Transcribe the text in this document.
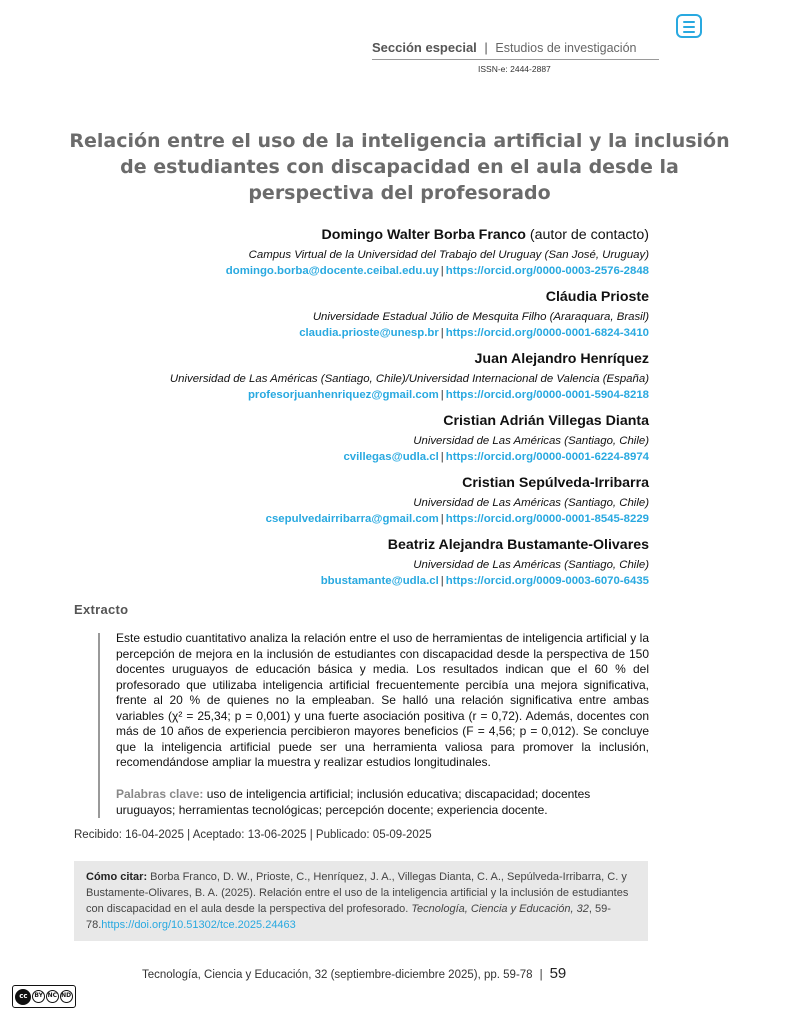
Sección especial | Estudios de investigación
ISSN-e: 2444-2887
Relación entre el uso de la inteligencia artificial y la inclusión de estudiantes con discapacidad en el aula desde la perspectiva del profesorado
Domingo Walter Borba Franco (autor de contacto)
Campus Virtual de la Universidad del Trabajo del Uruguay (San José, Uruguay)
domingo.borba@docente.ceibal.edu.uy | https://orcid.org/0000-0003-2576-2848
Cláudia Prioste
Universidade Estadual Júlio de Mesquita Filho (Araraquara, Brasil)
claudia.prioste@unesp.br | https://orcid.org/0000-0001-6824-3410
Juan Alejandro Henríquez
Universidad de Las Américas (Santiago, Chile)/Universidad Internacional de Valencia (España)
profesorjuanhenriquez@gmail.com | https://orcid.org/0000-0001-5904-8218
Cristian Adrián Villegas Dianta
Universidad de Las Américas (Santiago, Chile)
cvillegas@udla.cl | https://orcid.org/0000-0001-6224-8974
Cristian Sepúlveda-Irribarra
Universidad de Las Américas (Santiago, Chile)
csepulvedairribarra@gmail.com | https://orcid.org/0000-0001-8545-8229
Beatriz Alejandra Bustamante-Olivares
Universidad de Las Américas (Santiago, Chile)
bbustamante@udla.cl | https://orcid.org/0009-0003-6070-6435
Extracto

Este estudio cuantitativo analiza la relación entre el uso de herramientas de inteligencia artificial y la percepción de mejora en la inclusión de estudiantes con discapacidad desde la perspectiva de 150 docentes uruguayos de educación básica y media. Los resultados indican que el 60 % del profesorado que utilizaba inteligencia artificial frecuentemente percibía una mejora significativa, frente al 20 % de quienes no la empleaban. Se halló una relación significativa entre ambas variables (χ² = 25,34; p = 0,001) y una fuerte asociación positiva (r = 0,72). Además, docentes con más de 10 años de experiencia percibieron mayores beneficios (F = 4,56; p = 0,012). Se concluye que la inteligencia artificial puede ser una herramienta valiosa para promover la inclusión, recomendándose ampliar la muestra y realizar estudios longitudinales.

Palabras clave: uso de inteligencia artificial; inclusión educativa; discapacidad; docentes uruguayos; herramientas tecnológicas; percepción docente; experiencia docente.

Recibido: 16-04-2025 | Aceptado: 13-06-2025 | Publicado: 05-09-2025
Cómo citar: Borba Franco, D. W., Prioste, C., Henríquez, J. A., Villegas Dianta, C. A., Sepúlveda-Irribarra, C. y Bustamente-Olivares, B. A. (2025). Relación entre el uso de la inteligencia artificial y la inclusión de estudiantes con discapacidad en el aula desde la perspectiva del profesorado. Tecnología, Ciencia y Educación, 32, 59-78.https://doi.org/10.51302/tce.2025.24463
Tecnología, Ciencia y Educación, 32 (septiembre-diciembre 2025), pp. 59-78 | 59
cc	BY NC ND
